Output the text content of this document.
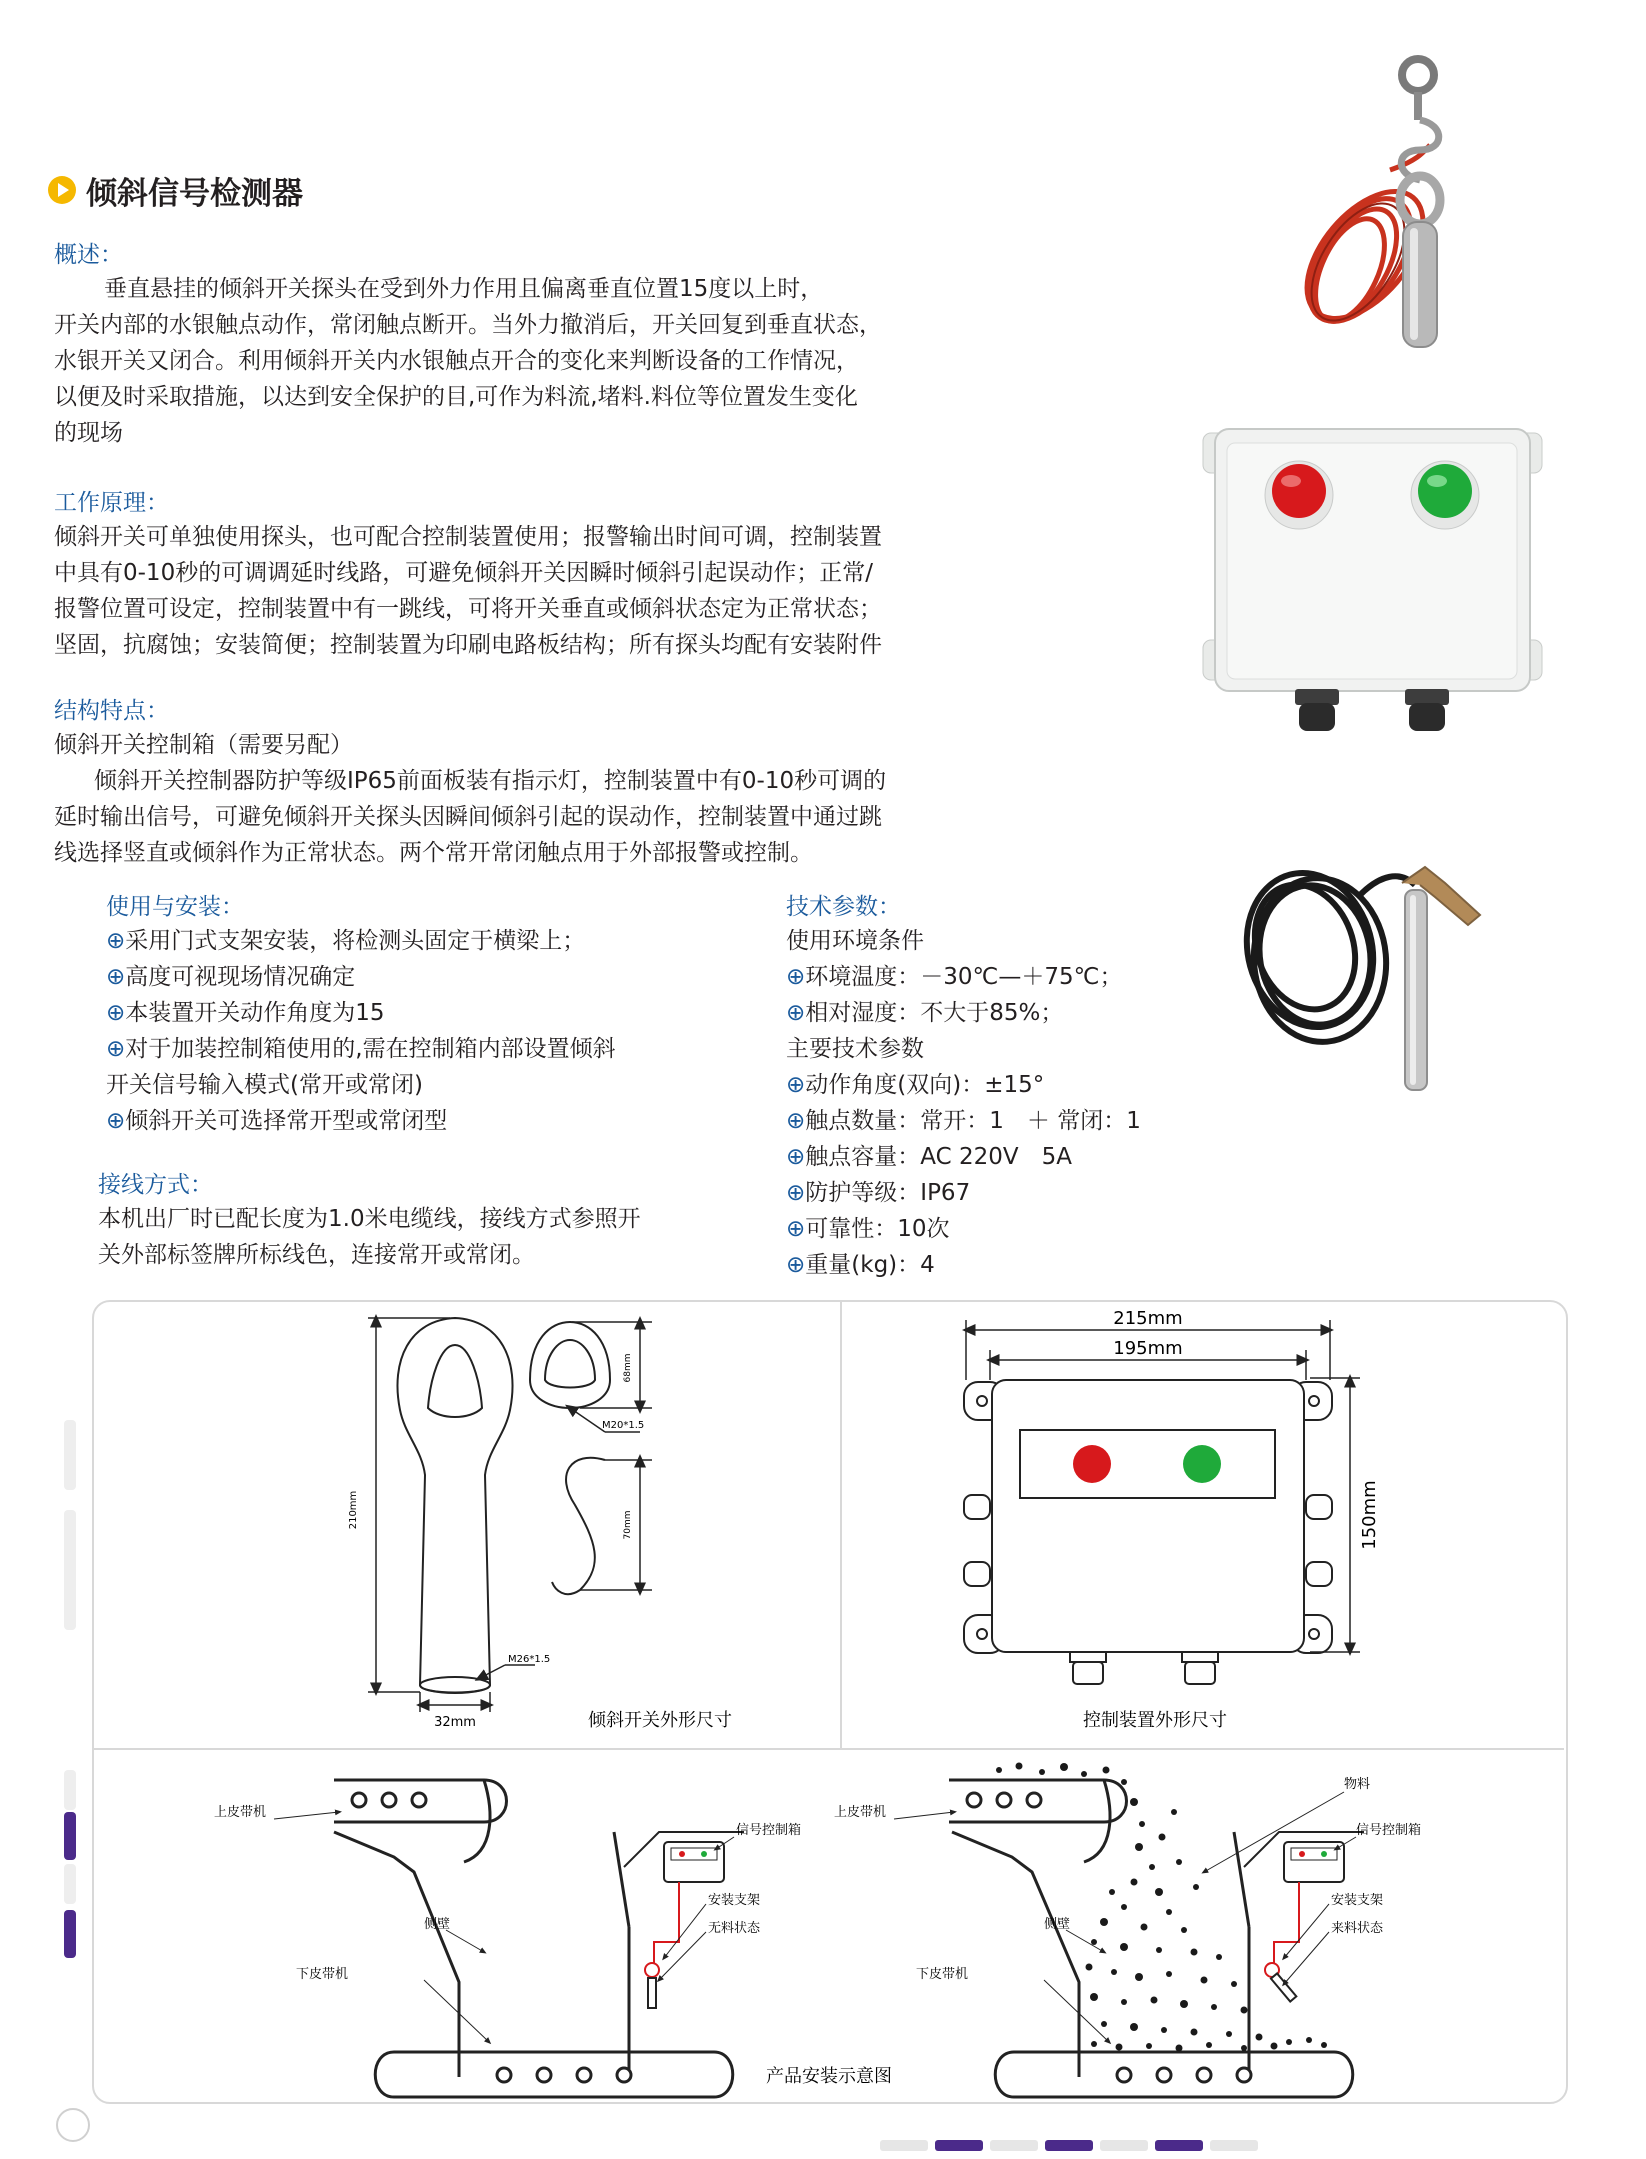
倾斜信号检测器
概述：

垂直悬挂的倾斜开关探头在受到外力作用且偏离垂直位置15度以上时，

开关内部的水银触点动作，常闭触点断开。当外力撤消后，开关回复到垂直状态，

水银开关又闭合。利用倾斜开关内水银触点开合的变化来判断设备的工作情况，

以便及时采取措施，以达到安全保护的目,可作为料流,堵料.料位等位置发生变化

的现场

工作原理：

倾斜开关可单独使用探头，也可配合控制装置使用；报警输出时间可调，控制装置

中具有0-10秒的可调调延时线路，可避免倾斜开关因瞬时倾斜引起误动作；正常/

报警位置可设定，控制装置中有一跳线，可将开关垂直或倾斜状态定为正常状态；

坚固，抗腐蚀；安装简便；控制装置为印刷电路板结构；所有探头均配有安装附件

结构特点：

倾斜开关控制箱（需要另配）

倾斜开关控制器防护等级IP65前面板装有指示灯，控制装置中有0-10秒可调的

延时输出信号，可避免倾斜开关探头因瞬间倾斜引起的误动作，控制装置中通过跳

线选择竖直或倾斜作为正常状态。两个常开常闭触点用于外部报警或控制。

使用与安装：

⊕采用门式支架安装，将检测头固定于横梁上；

⊕高度可视现场情况确定

⊕本装置开关动作角度为15

⊕对于加装控制箱使用的,需在控制箱内部设置倾斜

开关信号输入模式(常开或常闭)

⊕倾斜开关可选择常开型或常闭型

接线方式：

本机出厂时已配长度为1.0米电缆线，接线方式参照开

关外部标签牌所标线色，连接常开或常闭。

技术参数：

使用环境条件

⊕环境温度：－30℃—＋75℃；

⊕相对湿度：不大于85%；

主要技术参数

⊕动作角度(双向)：±15°

⊕触点数量：常开：1　＋ 常闭：1

⊕触点容量：AC 220V　5A

⊕防护等级：IP67

⊕可靠性：10次

⊕重量(kg)：4

210mm
68mm
70mm
32mm
M20*1.5
M26*1.5
倾斜开关外形尺寸
215mm
195mm
150mm
控制装置外形尺寸
上皮带机
侧壁
下皮带机
信号控制箱
安装支架
无料状态
物料
上皮带机
侧壁
下皮带机
信号控制箱
安装支架
来料状态
产品安装示意图
